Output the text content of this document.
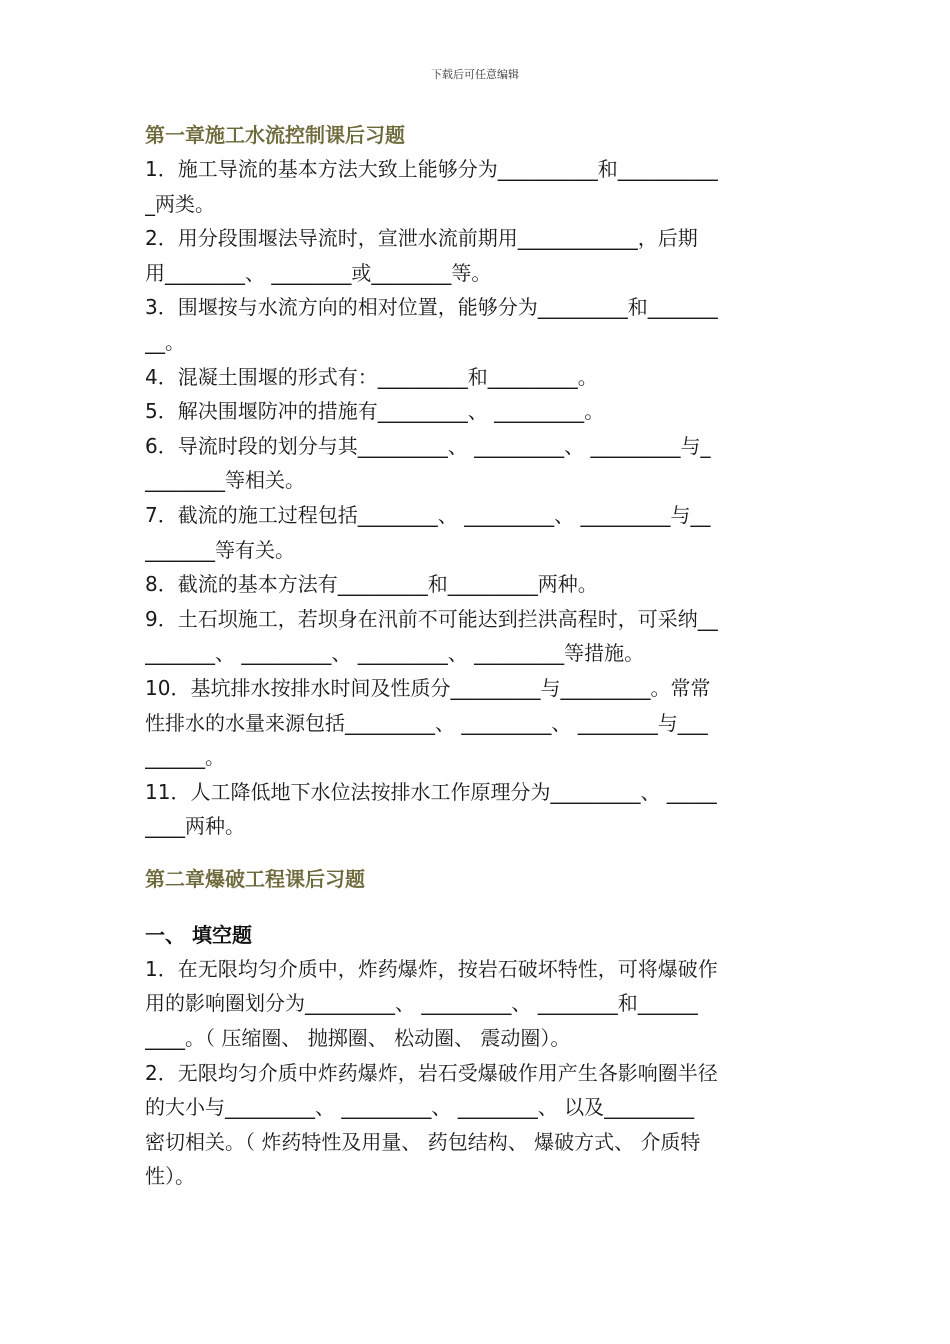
下载后可任意编辑
第一章施工水流控制课后习题
1．施工导流的基本方法大致上能够分为__________和__________
_两类。
2．用分段围堰法导流时，宣泄水流前期用____________，后期
用________、 ________或________等。
3．围堰按与水流方向的相对位置，能够分为_________和_______
__。
4．混凝土围堰的形式有：_________和_________。
5．解决围堰防冲的措施有_________、 _________。
6．导流时段的划分与其_________、 _________、 _________与_
________等相关。
7．截流的施工过程包括________、 _________、 _________与__
_______等有关。
8．截流的基本方法有_________和_________两种。
9．土石坝施工，若坝身在汛前不可能达到拦洪高程时，可采纳__
_______、 _________、 _________、 _________等措施。
10．基坑排水按排水时间及性质分_________与_________。常常
性排水的水量来源包括_________、 _________、 ________与___
______。
11．人工降低地下水位法按排水工作原理分为_________、 _____
____两种。
第二章爆破工程课后习题
一、 填空题
1．在无限均匀介质中，炸药爆炸，按岩石破坏特性，可将爆破作
用的影响圈划分为_________、 _________、 ________和______
____。（ 压缩圈、 抛掷圈、 松动圈、 震动圈）。
2．无限均匀介质中炸药爆炸，岩石受爆破作用产生各影响圈半径
的大小与_________、 _________、 ________、 以及_________
密切相关。（ 炸药特性及用量、 药包结构、 爆破方式、 介质特
性）。
